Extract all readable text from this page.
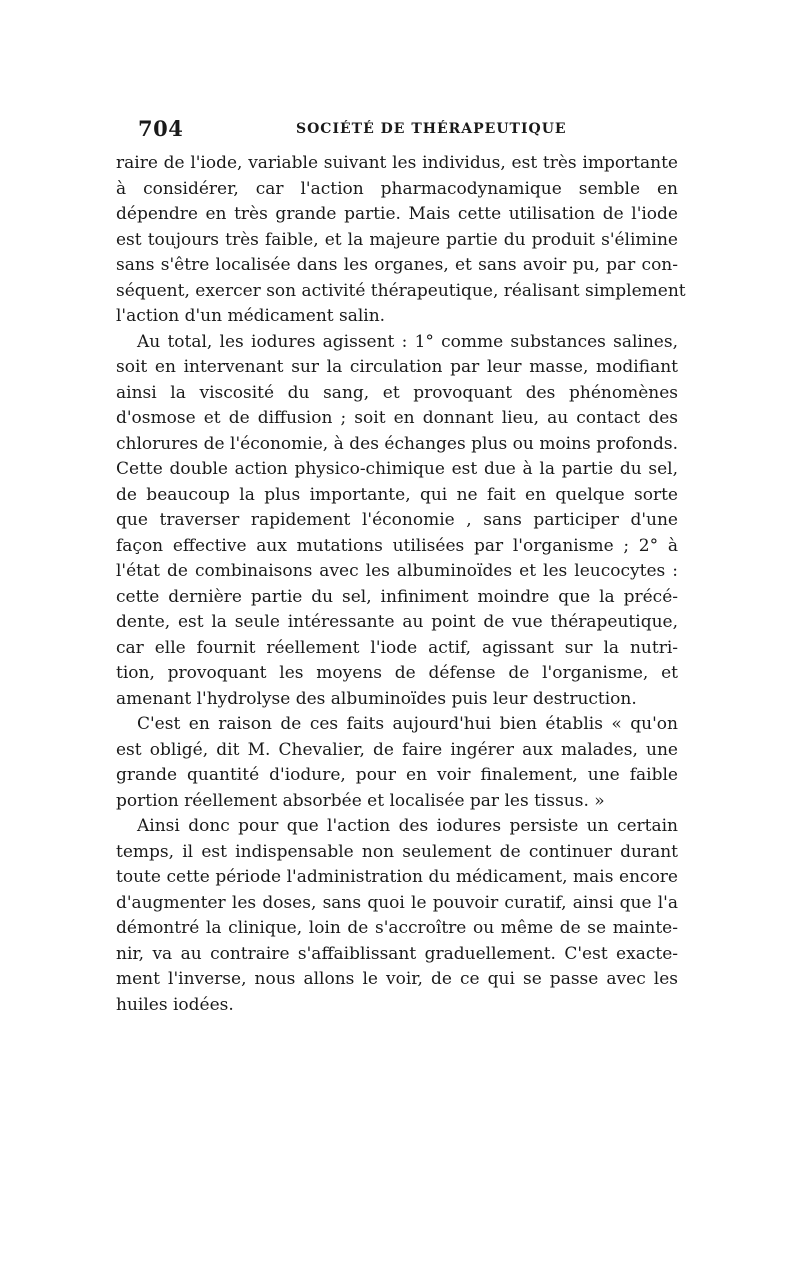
704	SOCIÉTÉ DE THÉRAPEUTIQUE
raire de l'iode, variable suivant les individus, est très importante
à considérer, car l'action pharmacodynamique semble en
dépendre en très grande partie. Mais cette utilisation de l'iode
est toujours très faible, et la majeure partie du produit s'élimine
sans s'être localisée dans les organes, et sans avoir pu, par con-
séquent, exercer son activité thérapeutique, réalisant simplement
l'action d'un médicament salin.
Au total, les iodures agissent : 1° comme substances salines,
soit en intervenant sur la circulation par leur masse, modifiant
ainsi la viscosité du sang, et provoquant des phénomènes
d'osmose et de diffusion ; soit en donnant lieu, au contact des
chlorures de l'économie, à des échanges plus ou moins profonds.
Cette double action physico-chimique est due à la partie du sel,
de beaucoup la plus importante, qui ne fait en quelque sorte
que traverser rapidement l'économie , sans participer d'une
façon effective aux mutations utilisées par l'organisme ; 2° à
l'état de combinaisons avec les albuminoïdes et les leucocytes :
cette dernière partie du sel, infiniment moindre que la précé-
dente, est la seule intéressante au point de vue thérapeutique,
car elle fournit réellement l'iode actif, agissant sur la nutri-
tion, provoquant les moyens de défense de l'organisme, et
amenant l'hydrolyse des albuminoïdes puis leur destruction.
C'est en raison de ces faits aujourd'hui bien établis « qu'on
est obligé, dit M. Chevalier, de faire ingérer aux malades, une
grande quantité d'iodure, pour en voir finalement, une faible
portion réellement absorbée et localisée par les tissus. »
Ainsi donc pour que l'action des iodures persiste un certain
temps, il est indispensable non seulement de continuer durant
toute cette période l'administration du médicament, mais encore
d'augmenter les doses, sans quoi le pouvoir curatif, ainsi que l'a
démontré la clinique, loin de s'accroître ou même de se mainte-
nir, va au contraire s'affaiblissant graduellement. C'est exacte-
ment l'inverse, nous allons le voir, de ce qui se passe avec les
huiles iodées.
